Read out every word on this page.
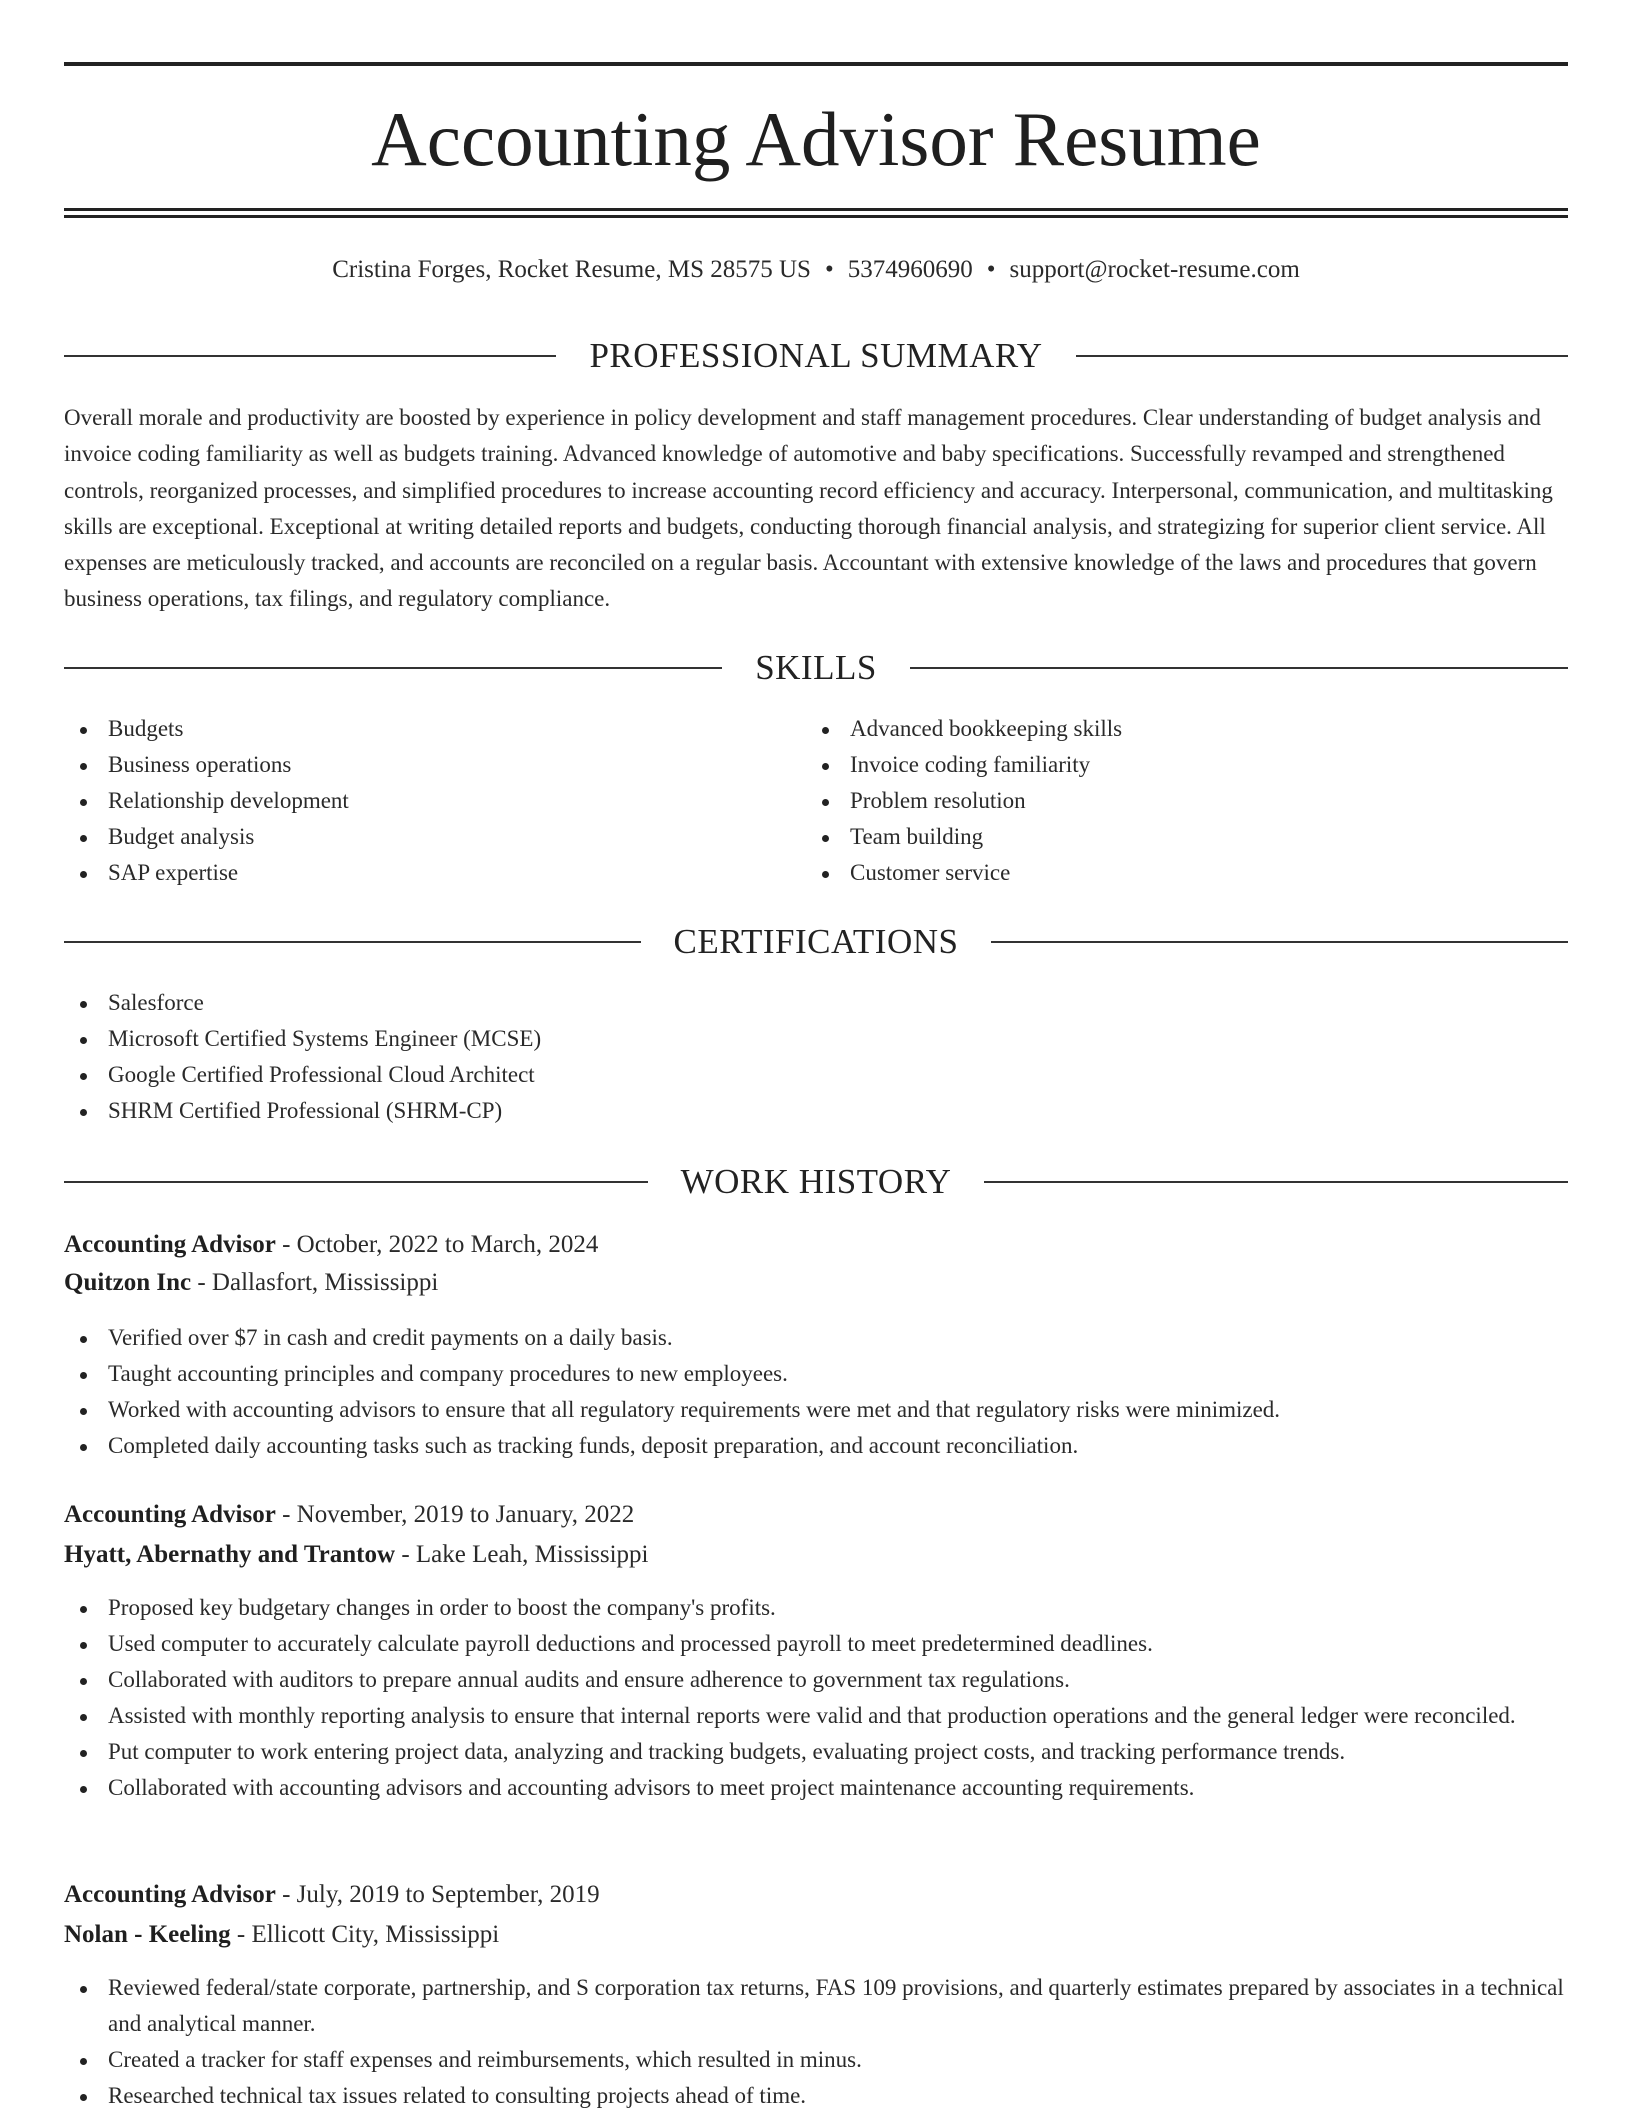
Accounting Advisor Resume
Cristina Forges, Rocket Resume, MS 28575 US • 5374960690 • support@rocket-resume.com
PROFESSIONAL SUMMARY

Overall morale and productivity are boosted by experience in policy development and staff management procedures. Clear understanding of budget analysis and invoice coding familiarity as well as budgets training. Advanced knowledge of automotive and baby specifications. Successfully revamped and strengthened controls, reorganized processes, and simplified procedures to increase accounting record efficiency and accuracy. Interpersonal, communication, and multitasking skills are exceptional. Exceptional at writing detailed reports and budgets, conducting thorough financial analysis, and strategizing for superior client service. All expenses are meticulously tracked, and accounts are reconciled on a regular basis. Accountant with extensive knowledge of the laws and procedures that govern business operations, tax filings, and regulatory compliance.

SKILLS
Budgets
Business operations
Relationship development
Budget analysis
SAP expertise
Advanced bookkeeping skills
Invoice coding familiarity
Problem resolution
Team building
Customer service
CERTIFICATIONS
Salesforce
Microsoft Certified Systems Engineer (MCSE)
Google Certified Professional Cloud Architect
SHRM Certified Professional (SHRM-CP)
WORK HISTORY
Accounting Advisor - October, 2022 to March, 2024
Quitzon Inc - Dallasfort, Mississippi
Verified over $7 in cash and credit payments on a daily basis.
Taught accounting principles and company procedures to new employees.
Worked with accounting advisors to ensure that all regulatory requirements were met and that regulatory risks were minimized.
Completed daily accounting tasks such as tracking funds, deposit preparation, and account reconciliation.
Accounting Advisor - November, 2019 to January, 2022
Hyatt, Abernathy and Trantow - Lake Leah, Mississippi
Proposed key budgetary changes in order to boost the company's profits.
Used computer to accurately calculate payroll deductions and processed payroll to meet predetermined deadlines.
Collaborated with auditors to prepare annual audits and ensure adherence to government tax regulations.
Assisted with monthly reporting analysis to ensure that internal reports were valid and that production operations and the general ledger were reconciled.
Put computer to work entering project data, analyzing and tracking budgets, evaluating project costs, and tracking performance trends.
Collaborated with accounting advisors and accounting advisors to meet project maintenance accounting requirements.
Accounting Advisor - July, 2019 to September, 2019
Nolan - Keeling - Ellicott City, Mississippi
Reviewed federal/state corporate, partnership, and S corporation tax returns, FAS 109 provisions, and quarterly estimates prepared by associates in a technical and analytical manner.
Created a tracker for staff expenses and reimbursements, which resulted in minus.
Researched technical tax issues related to consulting projects ahead of time.
